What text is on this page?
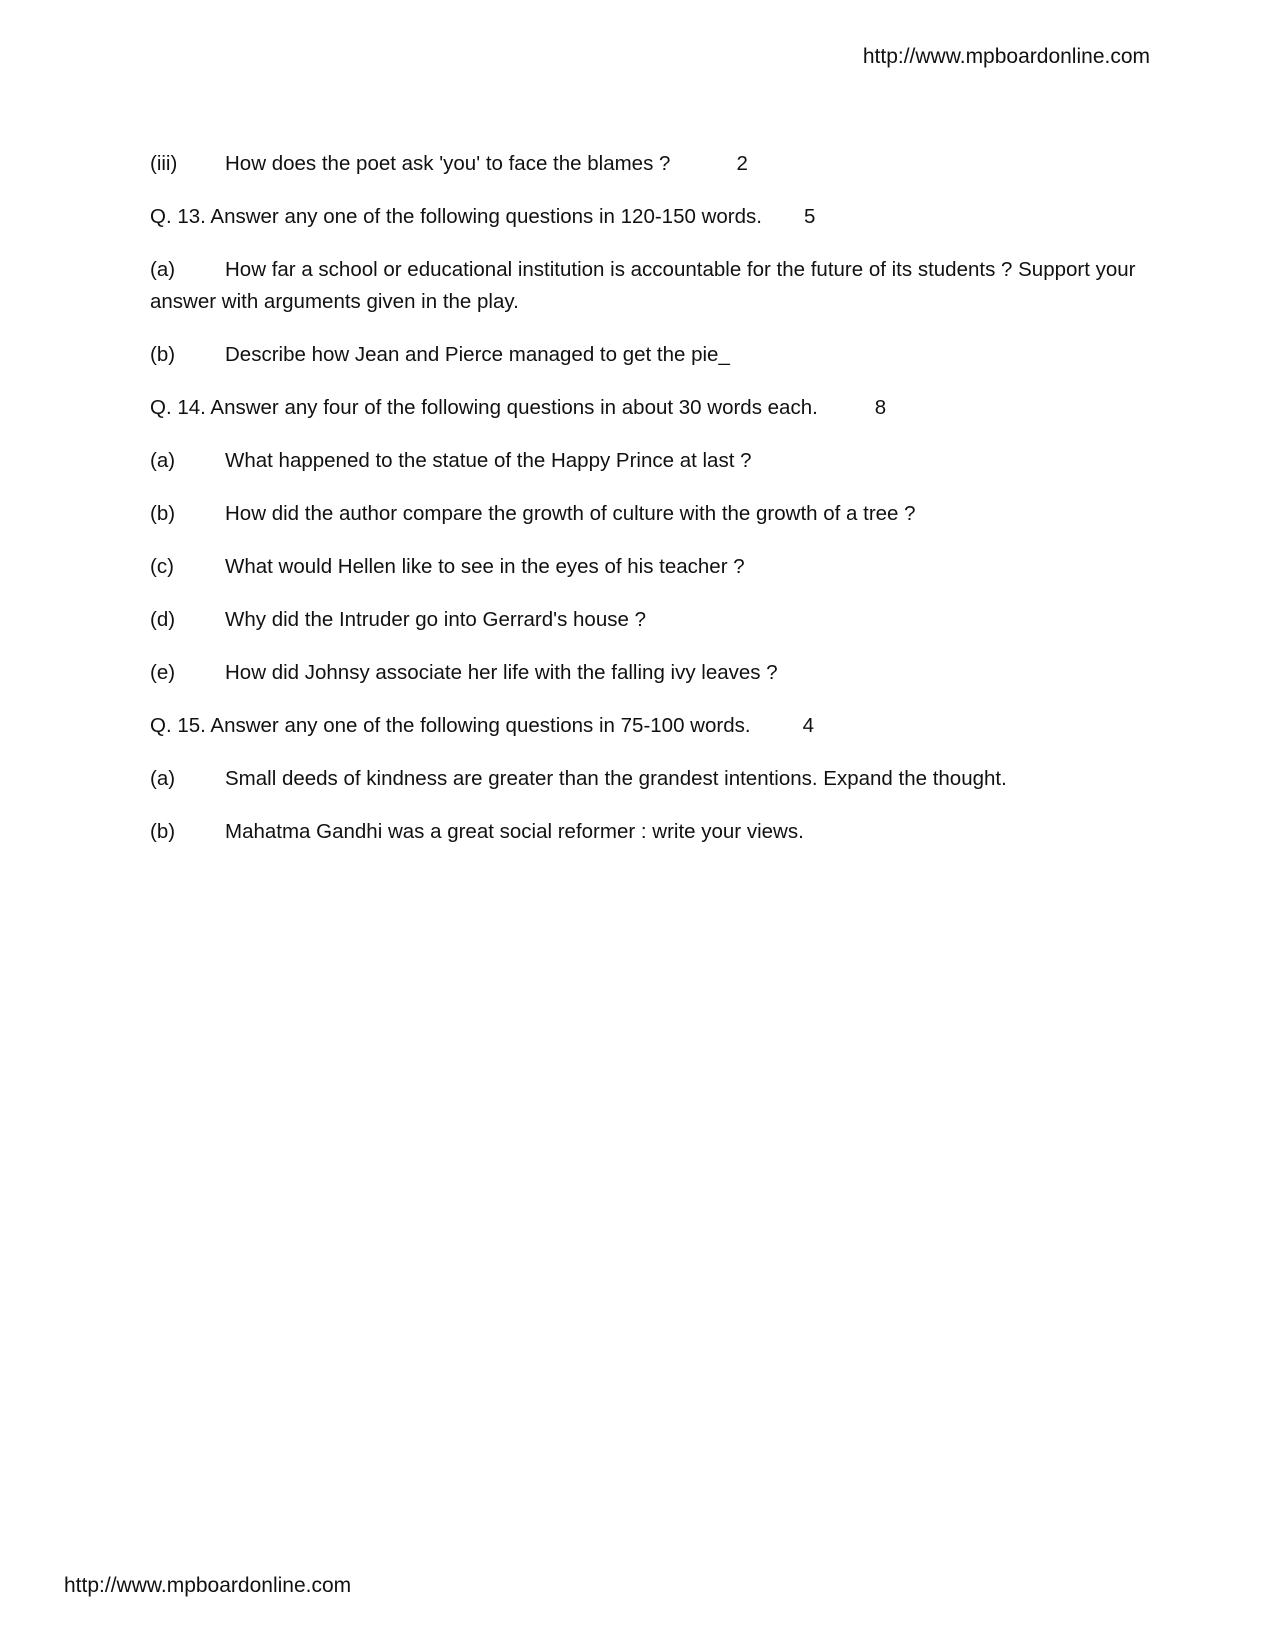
http://www.mpboardonline.com
(iii) How does the poet ask 'you' to face the blames ?	2
Q. 13. Answer any one of the following questions in 120-150 words. 5
(a) How far a school or educational institution is accountable for the future of its students ? Support your answer with arguments given in the play.
(b) Describe how Jean and Pierce managed to get the pie_
Q. 14. Answer any four of the following questions in about 30 words each.	8
(a) What happened to the statue of the Happy Prince at last ?
(b) How did the author compare the growth of culture with the growth of a tree ?
(c) What would Hellen like to see in the eyes of his teacher ?
(d) Why did the Intruder go into Gerrard's house ?
(e) How did Johnsy associate her life with the falling ivy leaves ?
Q. 15. Answer any one of the following questions in 75-100 words.	4
(a) Small deeds of kindness are greater than the grandest intentions. Expand the thought.
(b) Mahatma Gandhi was a great social reformer : write your views.
http://www.mpboardonline.com
